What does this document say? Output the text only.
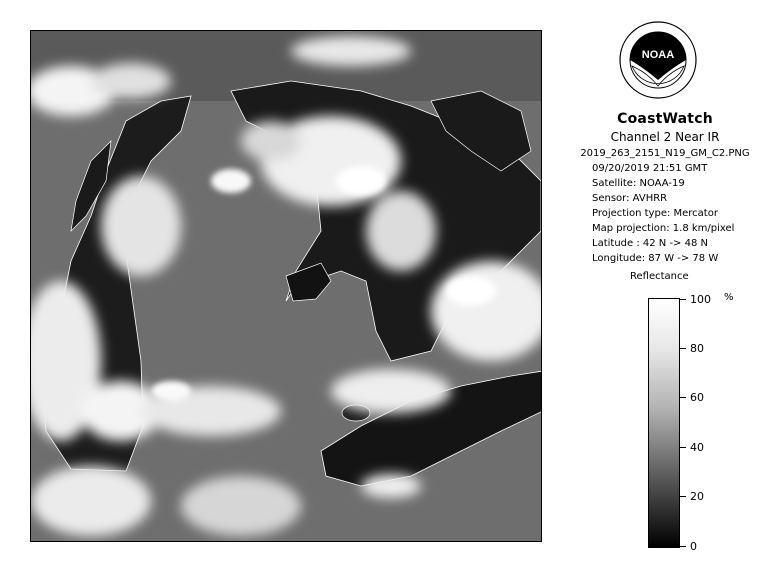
NOAA
CoastWatch
Channel 2 Near IR
2019_263_2151_N19_GM_C2.PNG
09/20/2019 21:51 GMT
Satellite: NOAA-19
Sensor: AVHRR
Projection type: Mercator
Map projection: 1.8 km/pixel
Latitude : 42 N -> 48 N
Longitude: 87 W -> 78 W
Reflectance
%
100
80
60
40
20
0
